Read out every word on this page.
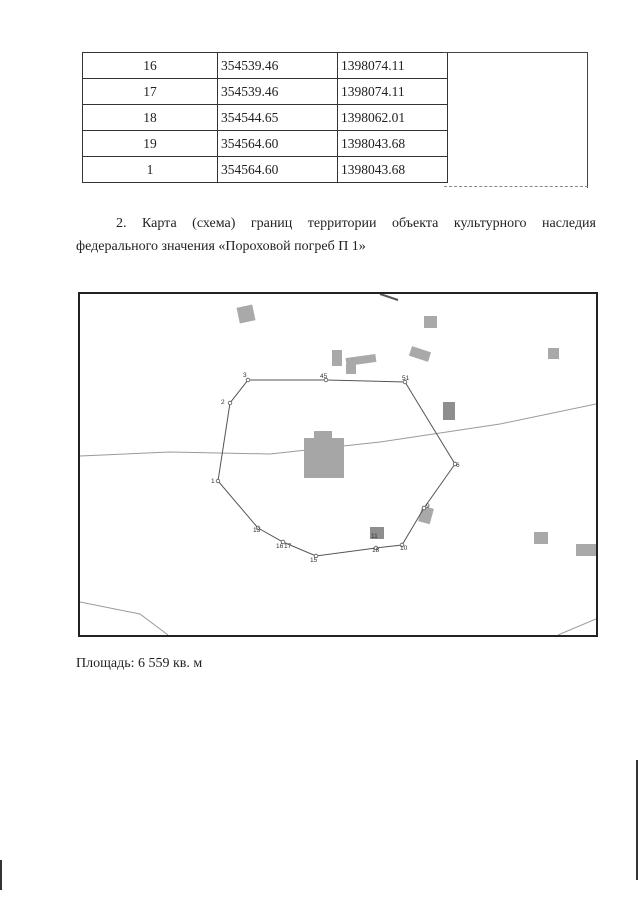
16	354539.46	1398074.11
17	354539.46	1398074.11
18	354544.65	1398062.01
19	354564.60	1398043.68
1	354564.60	1398043.68
2. Карта (схема) границ территории объекта культурного наследия
федерального значения «Пороховой погреб П 1»
1
2
3	45	51
6
9
10
11
18
13
16 17
15
Площадь: 6 559 кв. м
